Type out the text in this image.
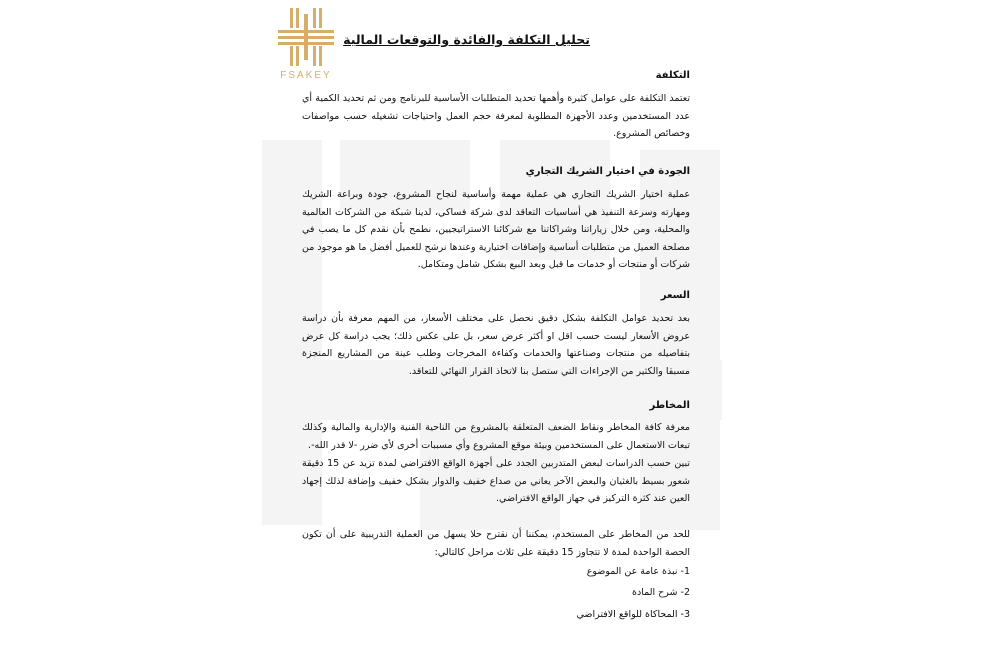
FSAKEY
تحليل التكلفة والفائدة والتوقعات المالية
التكلفة
تعتمد التكلفة على عوامل كثيرة وأهمها تحديد المتطلبات الأساسية للبرنامج ومن ثم تحديد الكمية أي عدد المستخدمين وعدد الأجهزة المطلوبة لمعرفة حجم العمل واحتياجات تشغيله حسب مواصفات وخصائص المشروع.
الجودة في اختيار الشريك التجاري
عملية اختيار الشريك التجاري هي عملية مهمة وأساسية لنجاح المشروع، جودة وبراعة الشريك ومهارته وسرعة التنفيذ هي أساسيات التعاقد لدى شركة فساكي، لدينا شبكة من الشركات العالمية والمحلية، ومن خلال زياراتنا وشراكاتنا مع شركائنا الاستراتيجيين، نطمح بأن نقدم كل ما يصب في مصلحة العميل من متطلبات أساسية وإضافات اختيارية وعندها نرشح للعميل أفضل ما هو موجود من شركات أو منتجات أو خدمات ما قبل وبعد البيع بشكل شامل ومتكامل.
السعر
بعد تحديد عوامل التكلفة بشكل دقيق نحصل على مختلف الأسعار، من المهم معرفة بأن دراسة عروض الأسعار ليست حسب اقل او أكثر عرض سعر، بل على عكس ذلك؛ يجب دراسة كل عرض بتفاصيله من منتجات وصناعتها والخدمات وكفاءة المخرجات وطلب عينة من المشاريع المنجزة مسبقا والكثير من الإجراءات التي ستصل بنا لاتخاذ القرار النهائي للتعاقد.
المخاطر
معرفة كافة المخاطر ونقاط الضعف المتعلقة بالمشروع من الناحية الفنية والإدارية والمالية وكذلك تبعات الاستعمال على المستخدمين وبيئة موقع المشروع وأي مسببات أخرى لأي ضرر -لا قدر الله-.
تبين حسب الدراسات لبعض المتدربين الجدد على أجهزة الواقع الافتراضي لمدة تزيد عن 15 دقيقة شعور بسيط بالغثيان والبعض الآخر يعاني من صداع خفيف والدوار بشكل خفيف وإضافة لذلك إجهاد العين عند كثرة التركيز في جهاز الواقع الافتراضي.
للحد من المخاطر على المستخدم، يمكننا أن نقترح حلا يسهل من العملية التدريبية على أن تكون الحصة الواحدة لمدة لا تتجاوز 15 دقيقة على ثلاث مراحل كالتالي:
1- نبذة عامة عن الموضوع
2- شرح المادة
3- المحاكاة للواقع الافتراضي
